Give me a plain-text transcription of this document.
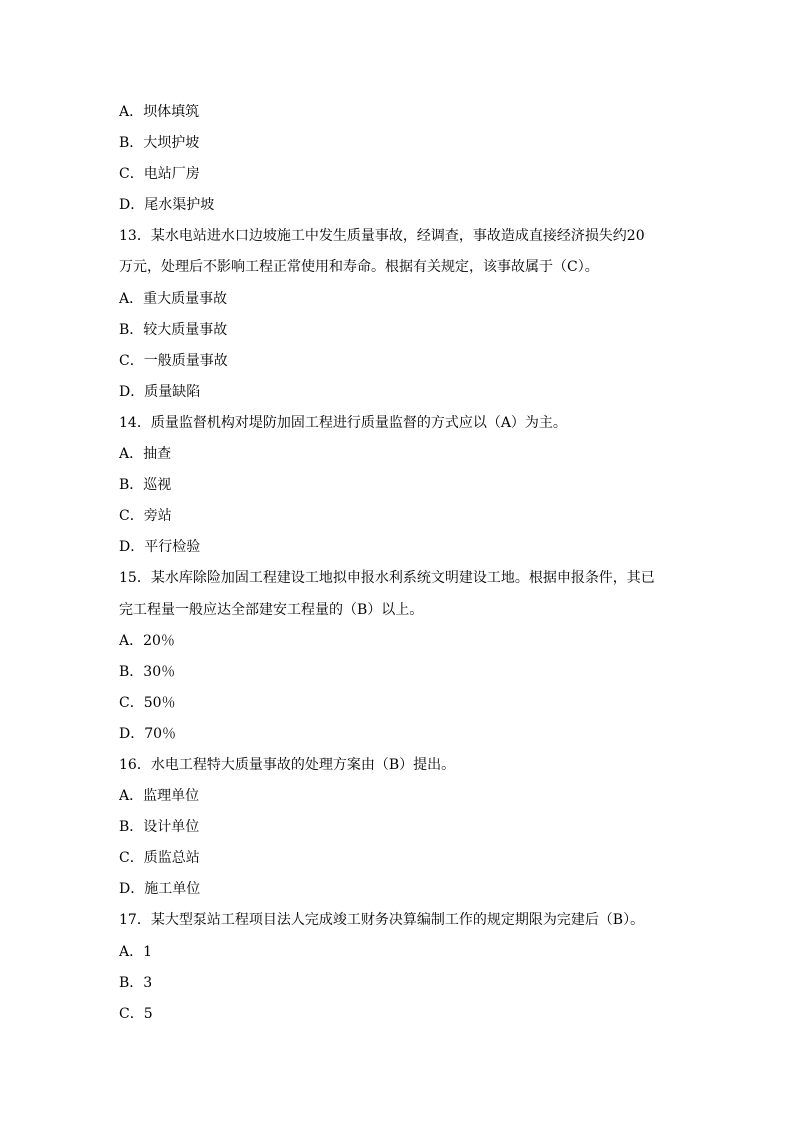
A．坝体填筑
B．大坝护坡
C．电站厂房
D．尾水渠护坡
13．某水电站进水口边坡施工中发生质量事故，经调查，事故造成直接经济损失约20
万元，处理后不影响工程正常使用和寿命。根据有关规定，该事故属于（C）。
A．重大质量事故
B．较大质量事故
C．一般质量事故
D．质量缺陷
14．质量监督机构对堤防加固工程进行质量监督的方式应以（A）为主。
A．抽查
B．巡视
C．旁站
D．平行检验
15．某水库除险加固工程建设工地拟申报水利系统文明建设工地。根据申报条件，其已
完工程量一般应达全部建安工程量的（B）以上。
A．20％
B．30％
C．50％
D．70％
16．水电工程特大质量事故的处理方案由（B）提出。
A．监理单位
B．设计单位
C．质监总站
D．施工单位
17．某大型泵站工程项目法人完成竣工财务决算编制工作的规定期限为完建后（B）。
A．1
B．3
C．5
